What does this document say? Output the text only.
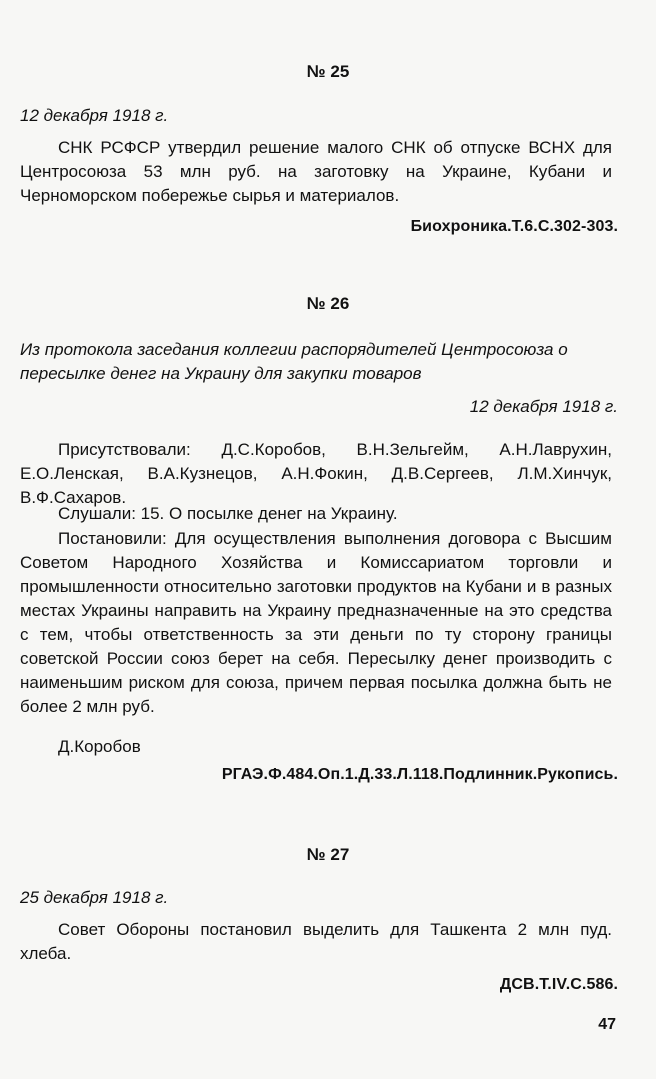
№ 25
12 декабря 1918 г.
СНК РСФСР утвердил решение малого СНК об отпуске ВСНХ для Центросоюза 53 млн руб. на заготовку на Украине, Кубани и Черноморском побережье сырья и материалов.
Биохроника.Т.6.С.302-303.
№ 26
Из протокола заседания коллегии распорядителей Центросоюза о пересылке денег на Украину для закупки товаров
12 декабря 1918 г.
Присутствовали: Д.С.Коробов, В.Н.Зельгейм, А.Н.Лаврухин, Е.О.Ленская, В.А.Кузнецов, А.Н.Фокин, Д.В.Сергеев, Л.М.Хинчук, В.Ф.Сахаров.
Слушали: 15. О посылке денег на Украину.
Постановили: Для осуществления выполнения договора с Высшим Советом Народного Хозяйства и Комиссариатом торговли и промышленности относительно заготовки продуктов на Кубани и в разных местах Украины направить на Украину предназначенные на это средства с тем, чтобы ответственность за эти деньги по ту сторону границы советской России союз берет на себя. Пересылку денег производить с наименьшим риском для союза, причем первая посылка должна быть не более 2 млн руб.
Д.Коробов
РГАЭ.Ф.484.Оп.1.Д.33.Л.118.Подлинник.Рукопись.
№ 27
25 декабря 1918 г.
Совет Обороны постановил выделить для Ташкента 2 млн пуд. хлеба.
ДСВ.Т.IV.С.586.
47
